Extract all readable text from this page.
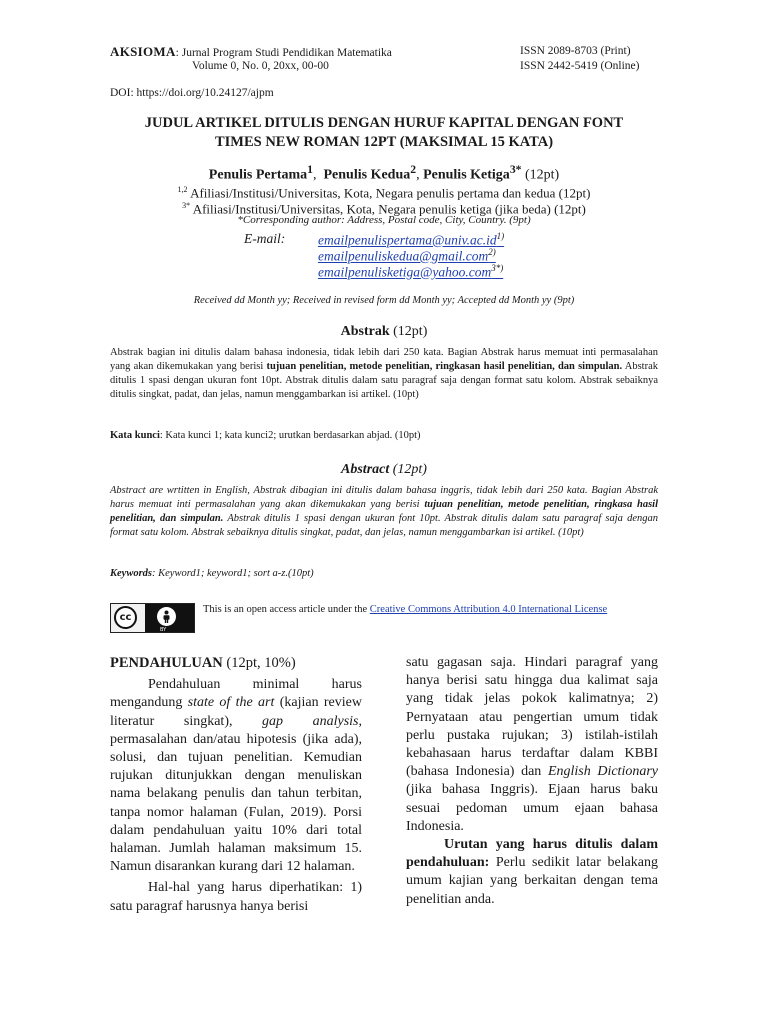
AKSIOMA: Jurnal Program Studi Pendidikan Matematika
Volume 0, No. 0, 20xx, 00-00
ISSN 2089-8703 (Print)
ISSN 2442-5419 (Online)
DOI: https://doi.org/10.24127/ajpm
JUDUL ARTIKEL DITULIS DENGAN HURUF KAPITAL DENGAN FONT
TIMES NEW ROMAN 12PT (MAKSIMAL 15 KATA)
Penulis Pertama$^1$,  Penulis Kedua$^2$, Penulis Ketiga$^{3*}$ (12pt)
$^{1,2}$ Afiliasi/Institusi/Universitas, Kota, Negara penulis pertama dan kedua (12pt)
$^{3*}$ Afiliasi/Institusi/Universitas, Kota, Negara penulis ketiga (jika beda) (12pt)
*Corresponding author: Address, Postal code, City, Country. (9pt)
E-mail: $emailpenulispertama@univ.ac.id^{1)}$
emailpenuliskedua@gmail.com$^{2)}$
emailpenulisketiga@yahoo.com$^{3*)}$
Received dd Month yy; Received in revised form dd Month yy; Accepted dd Month yy (9pt)
Abstrak (12pt)
Abstrak bagian ini ditulis dalam bahasa indonesia, tidak lebih dari 250 kata. Bagian Abstrak harus memuat inti permasalahan yang akan dikemukakan yang berisi tujuan penelitian, metode penelitian, ringkasan hasil penelitian, dan simpulan. Abstrak ditulis 1 spasi dengan ukuran font 10pt. Abstrak ditulis dalam satu paragraf saja dengan format satu kolom. Abstrak sebaiknya ditulis singkat, padat, dan jelas, namun menggambarkan isi artikel. (10pt)
Kata kunci: Kata kunci 1; kata kunci2; urutkan berdasarkan abjad. (10pt)
Abstract (12pt)
Abstract are wrtitten in English, Abstrak dibagian ini ditulis dalam bahasa inggris, tidak lebih dari 250 kata. Bagian Abstrak harus memuat inti permasalahan yang akan dikemukakan yang berisi tujuan penelitian, metode penelitian, ringkasa hasil penelitian, dan simpulan. Abstrak ditulis 1 spasi dengan ukuran font 10pt. Abstrak ditulis dalam satu paragraf saja dengan format satu kolom. Abstrak sebaiknya ditulis singkat, padat, dan jelas, namun menggambarkan isi artikel. (10pt)
Keywords: Keyword1; keyword1; sort a-z.(10pt)
cc
BY
This is an open access article under the Creative Commons Attribution 4.0 International License
PENDAHULUAN (12pt, 10%)

Pendahuluan minimal harus mengandung state of the art (kajian review literatur singkat), gap analysis, permasalahan dan/atau hipotesis (jika ada), solusi, dan tujuan penelitian. Kemudian rujukan ditunjukkan dengan menuliskan nama belakang penulis dan tahun terbitan, tanpa nomor halaman (Fulan, 2019). Porsi dalam pendahuluan yaitu 10% dari total halaman. Jumlah halaman maksimum 15. Namun disarankan kurang dari 12 halaman.

Hal-hal yang harus diperhatikan: 1) satu paragraf harusnya hanya berisi

satu gagasan saja. Hindari paragraf yang hanya berisi satu hingga dua kalimat saja yang tidak jelas pokok kalimatnya; 2) Pernyataan atau pengertian umum tidak perlu pustaka rujukan; 3) istilah-istilah kebahasaan harus terdaftar dalam KBBI (bahasa Indonesia) dan English Dictionary (jika bahasa Inggris). Ejaan harus baku sesuai pedoman umum ejaan bahasa Indonesia.

Urutan yang harus ditulis dalam pendahuluan: Perlu sedikit latar belakang umum kajian yang berkaitan dengan tema penelitian anda.
